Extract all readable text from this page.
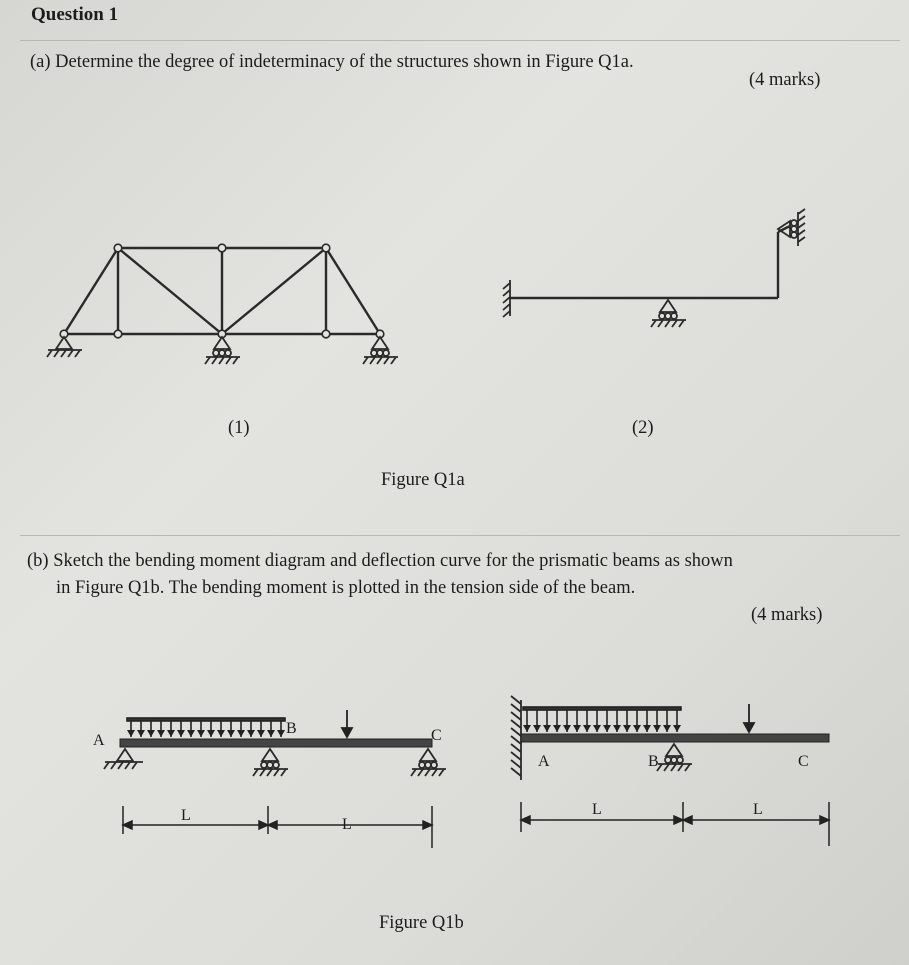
Question 1
(a) Determine the degree of indeterminacy of the structures shown in Figure Q1a.
(4 marks)
(1)	(2)
Figure Q1a
(b) Sketch the bending moment diagram and deflection curve for the prismatic beams as shown
in Figure Q1b. The bending moment is plotted in the tension side of the beam.
(4 marks)
Figure Q1b
A
B	C
L
L
A	B	C
L	L
